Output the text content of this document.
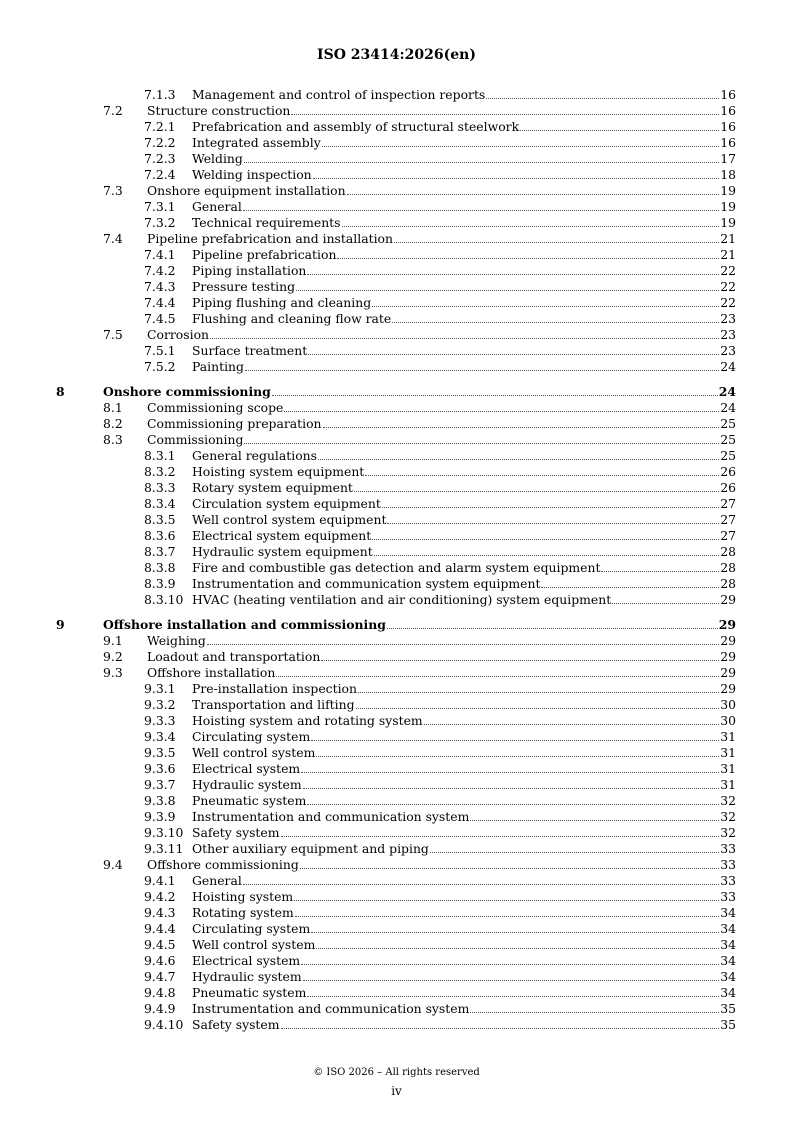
ISO 23414:2026(en)
7.1.3 Management and control of inspection reports	16
7.2 Structure construction	16
7.2.1 Prefabrication and assembly of structural steelwork	16
7.2.2 Integrated assembly	16
7.2.3 Welding	17
7.2.4 Welding inspection	18
7.3 Onshore equipment installation	19
7.3.1 General	19
7.3.2 Technical requirements	19
7.4 Pipeline prefabrication and installation	21
7.4.1 Pipeline prefabrication	21
7.4.2 Piping installation	22
7.4.3 Pressure testing	22
7.4.4 Piping flushing and cleaning	22
7.4.5 Flushing and cleaning flow rate	23
7.5 Corrosion	23
7.5.1 Surface treatment	23
7.5.2 Painting	24
8	Onshore commissioning	24
8.1 Commissioning scope	24
8.2 Commissioning preparation	25
8.3 Commissioning	25
8.3.1 General regulations	25
8.3.2 Hoisting system equipment	26
8.3.3 Rotary system equipment	26
8.3.4 Circulation system equipment	27
8.3.5 Well control system equipment	27
8.3.6 Electrical system equipment	27
8.3.7 Hydraulic system equipment	28
8.3.8 Fire and combustible gas detection and alarm system equipment	28
8.3.9 Instrumentation and communication system equipment	28
8.3.10 HVAC (heating ventilation and air conditioning) system equipment	29
9	Offshore installation and commissioning	29
9.1 Weighing	29
9.2 Loadout and transportation	29
9.3 Offshore installation	29
9.3.1 Pre-installation inspection	29
9.3.2 Transportation and lifting	30
9.3.3 Hoisting system and rotating system	30
9.3.4 Circulating system	31
9.3.5 Well control system	31
9.3.6 Electrical system	31
9.3.7 Hydraulic system	31
9.3.8 Pneumatic system	32
9.3.9 Instrumentation and communication system	32
9.3.10 Safety system	32
9.3.11 Other auxiliary equipment and piping	33
9.4 Offshore commissioning	33
9.4.1 General	33
9.4.2 Hoisting system	33
9.4.3 Rotating system	34
9.4.4 Circulating system	34
9.4.5 Well control system	34
9.4.6 Electrical system	34
9.4.7 Hydraulic system	34
9.4.8 Pneumatic system	34
9.4.9 Instrumentation and communication system	35
9.4.10 Safety system	35
© ISO 2026 – All rights reserved
iv
